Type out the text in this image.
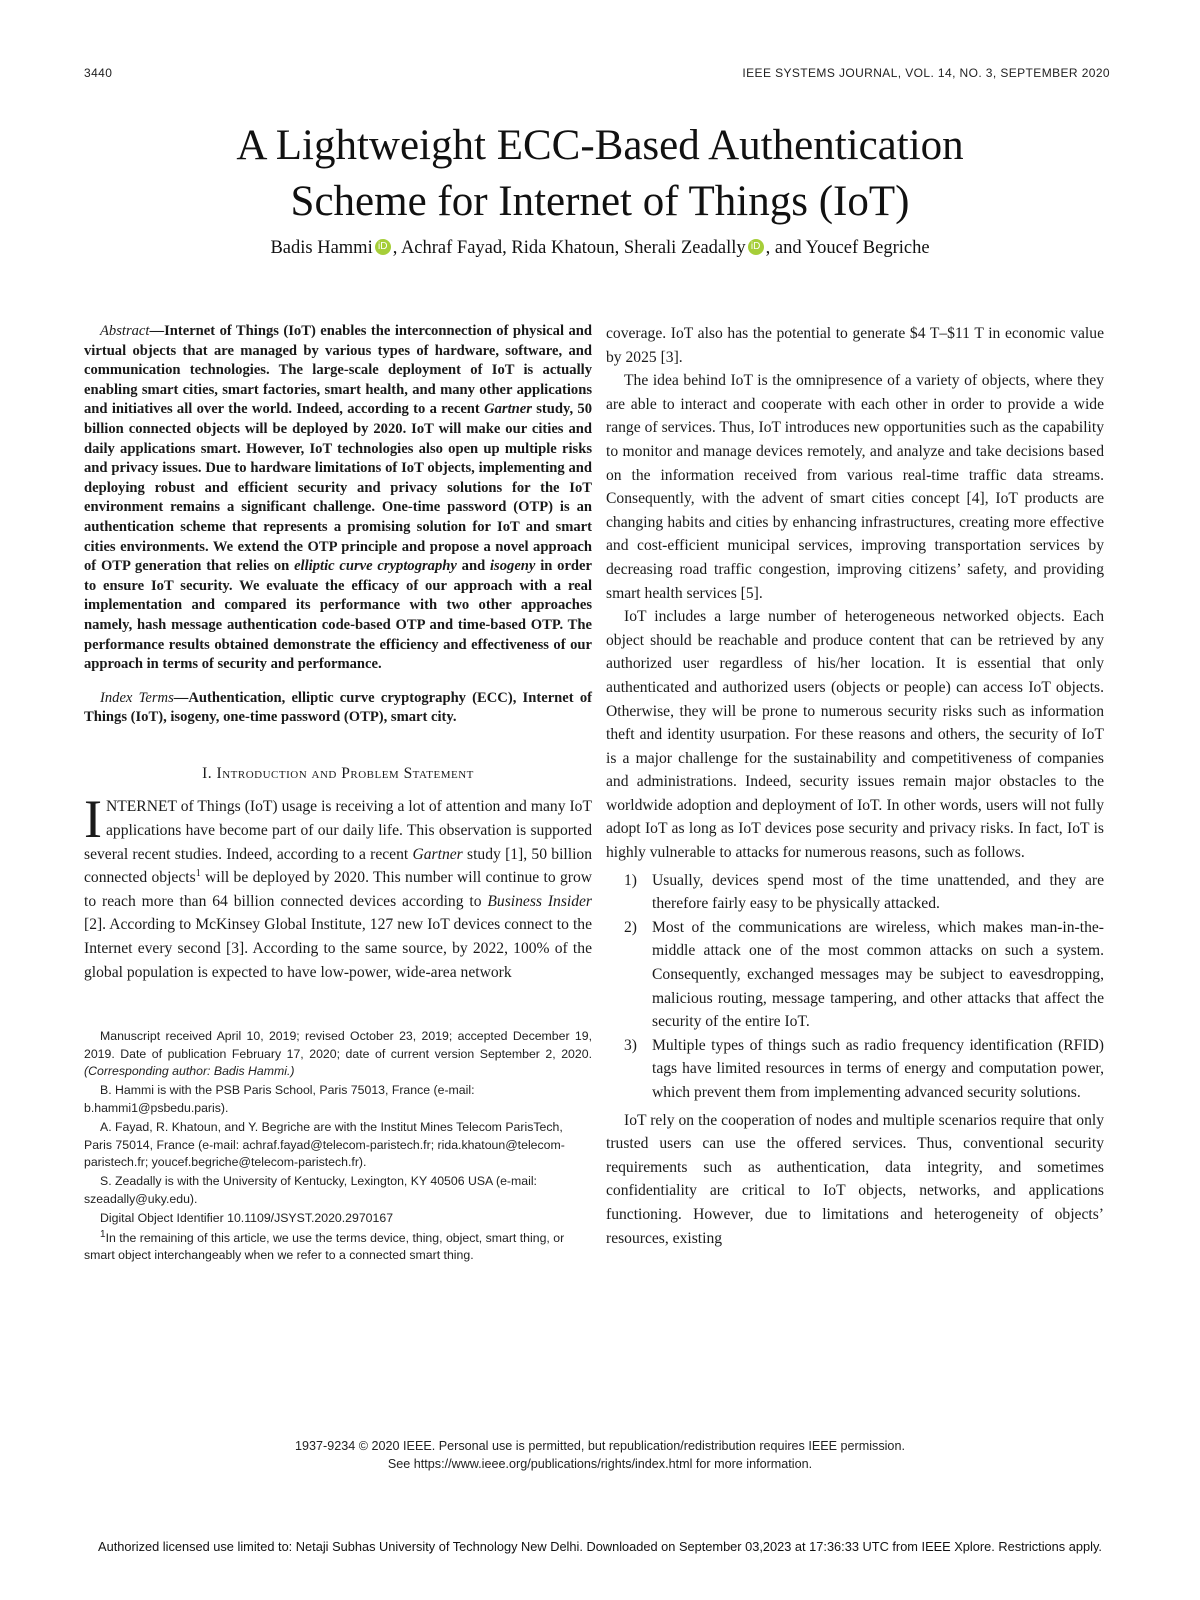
3440	IEEE SYSTEMS JOURNAL, VOL. 14, NO. 3, SEPTEMBER 2020
A Lightweight ECC-Based Authentication
Scheme for Internet of Things (IoT)
Badis Hammi iD , Achraf Fayad, Rida Khatoun, Sherali Zeadally iD , and Youcef Begriche

Abstract—Internet of Things (IoT) enables the interconnection of physical and virtual objects that are managed by various types of hardware, software, and communication technologies. The large-scale deployment of IoT is actually enabling smart cities, smart factories, smart health, and many other applications and initiatives all over the world. Indeed, according to a recent Gartner study, 50 billion connected objects will be deployed by 2020. IoT will make our cities and daily applications smart. However, IoT technologies also open up multiple risks and privacy issues. Due to hardware limitations of IoT objects, implementing and deploying robust and efficient security and privacy solutions for the IoT environment remains a significant challenge. One-time password (OTP) is an authentication scheme that represents a promising solution for IoT and smart cities environments. We extend the OTP principle and propose a novel approach of OTP generation that relies on elliptic curve cryptography and isogeny in order to ensure IoT security. We evaluate the efficacy of our approach with a real implementation and compared its performance with two other approaches namely, hash message authentication code-based OTP and time-based OTP. The performance results obtained demonstrate the efficiency and effectiveness of our approach in terms of security and performance.

Index Terms—Authentication, elliptic curve cryptography (ECC), Internet of Things (IoT), isogeny, one-time password (OTP), smart city.

I. Introduction and Problem Statement

INTERNET of Things (IoT) usage is receiving a lot of attention and many IoT applications have become part of our daily life. This observation is supported several recent studies. Indeed, according to a recent Gartner study [1], 50 billion connected objects$^1$ will be deployed by 2020. This number will continue to grow to reach more than 64 billion connected devices according to Business Insider [2]. According to McKinsey Global Institute, 127 new IoT devices connect to the Internet every second [3]. According to the same source, by 2022, 100% of the global population is expected to have low-power, wide-area network

Manuscript received April 10, 2019; revised October 23, 2019; accepted December 19, 2019. Date of publication February 17, 2020; date of current version September 2, 2020. (Corresponding author: Badis Hammi.)

B. Hammi is with the PSB Paris School, Paris 75013, France (e-mail: b.hammi1@psbedu.paris).

A. Fayad, R. Khatoun, and Y. Begriche are with the Institut Mines Telecom ParisTech, Paris 75014, France (e-mail: achraf.fayad@telecom-paristech.fr; rida.khatoun@telecom-paristech.fr; youcef.begriche@telecom-paristech.fr).

S. Zeadally is with the University of Kentucky, Lexington, KY 40506 USA (e-mail: szeadally@uky.edu).

Digital Object Identifier 10.1109/JSYST.2020.2970167

$^1$In the remaining of this article, we use the terms device, thing, object, smart thing, or smart object interchangeably when we refer to a connected smart thing.

coverage. IoT also has the potential to generate $4 T–$11 T in economic value by 2025 [3].

The idea behind IoT is the omnipresence of a variety of objects, where they are able to interact and cooperate with each other in order to provide a wide range of services. Thus, IoT introduces new opportunities such as the capability to monitor and manage devices remotely, and analyze and take decisions based on the information received from various real-time traffic data streams. Consequently, with the advent of smart cities concept [4], IoT products are changing habits and cities by enhancing infrastructures, creating more effective and cost-efficient municipal services, improving transportation services by decreasing road traffic congestion, improving citizens’ safety, and providing smart health services [5].

IoT includes a large number of heterogeneous networked objects. Each object should be reachable and produce content that can be retrieved by any authorized user regardless of his/her location. It is essential that only authenticated and authorized users (objects or people) can access IoT objects. Otherwise, they will be prone to numerous security risks such as information theft and identity usurpation. For these reasons and others, the security of IoT is a major challenge for the sustainability and competitiveness of companies and administrations. Indeed, security issues remain major obstacles to the worldwide adoption and deployment of IoT. In other words, users will not fully adopt IoT as long as IoT devices pose security and privacy risks. In fact, IoT is highly vulnerable to attacks for numerous reasons, such as follows.

1) Usually, devices spend most of the time unattended, and they are therefore fairly easy to be physically attacked.
2) Most of the communications are wireless, which makes man-in-the-middle attack one of the most common attacks on such a system. Consequently, exchanged messages may be subject to eavesdropping, malicious routing, message tampering, and other attacks that affect the security of the entire IoT.
3) Multiple types of things such as radio frequency identification (RFID) tags have limited resources in terms of energy and computation power, which prevent them from implementing advanced security solutions.

IoT rely on the cooperation of nodes and multiple scenarios require that only trusted users can use the offered services. Thus, conventional security requirements such as authentication, data integrity, and sometimes confidentiality are critical to IoT objects, networks, and applications functioning. However, due to limitations and heterogeneity of objects’ resources, existing

1937-9234 © 2020 IEEE. Personal use is permitted, but republication/redistribution requires IEEE permission.
See https://www.ieee.org/publications/rights/index.html for more information.
Authorized licensed use limited to: Netaji Subhas University of Technology New Delhi. Downloaded on September 03,2023 at 17:36:33 UTC from IEEE Xplore. Restrictions apply.
